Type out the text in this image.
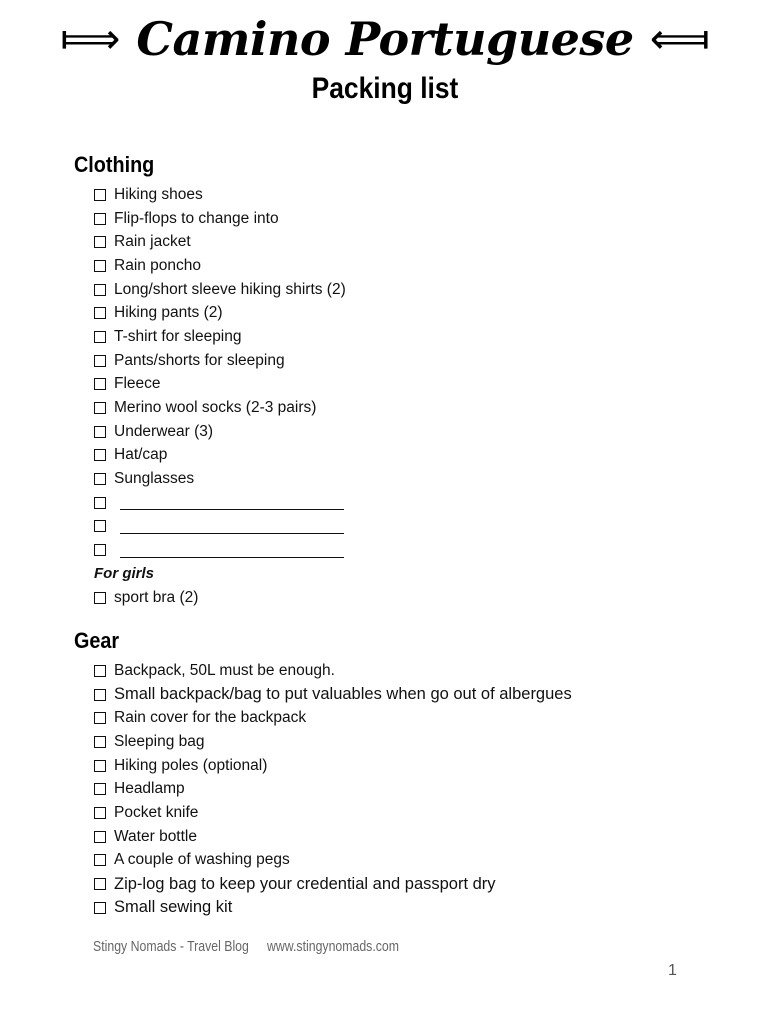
⟾ Camino Portuguese ⟽
Packing list
Clothing
Hiking shoes
Flip-flops to change into
Rain jacket
Rain poncho
Long/short sleeve hiking shirts (2)
Hiking pants (2)
T-shirt for sleeping
Pants/shorts for sleeping
Fleece
Merino wool socks (2-3 pairs)
Underwear (3)
Hat/cap
Sunglasses
For girls
sport bra (2)
Gear
Backpack, 50L must be enough.
Small backpack/bag to put valuables when go out of albergues
Rain cover for the backpack
Sleeping bag
Hiking poles (optional)
Headlamp
Pocket knife
Water bottle
A couple of washing pegs
Zip-log bag to keep your credential and passport dry
Small sewing kit
Stingy Nomads - Travel Blog www.stingynomads.com
1
